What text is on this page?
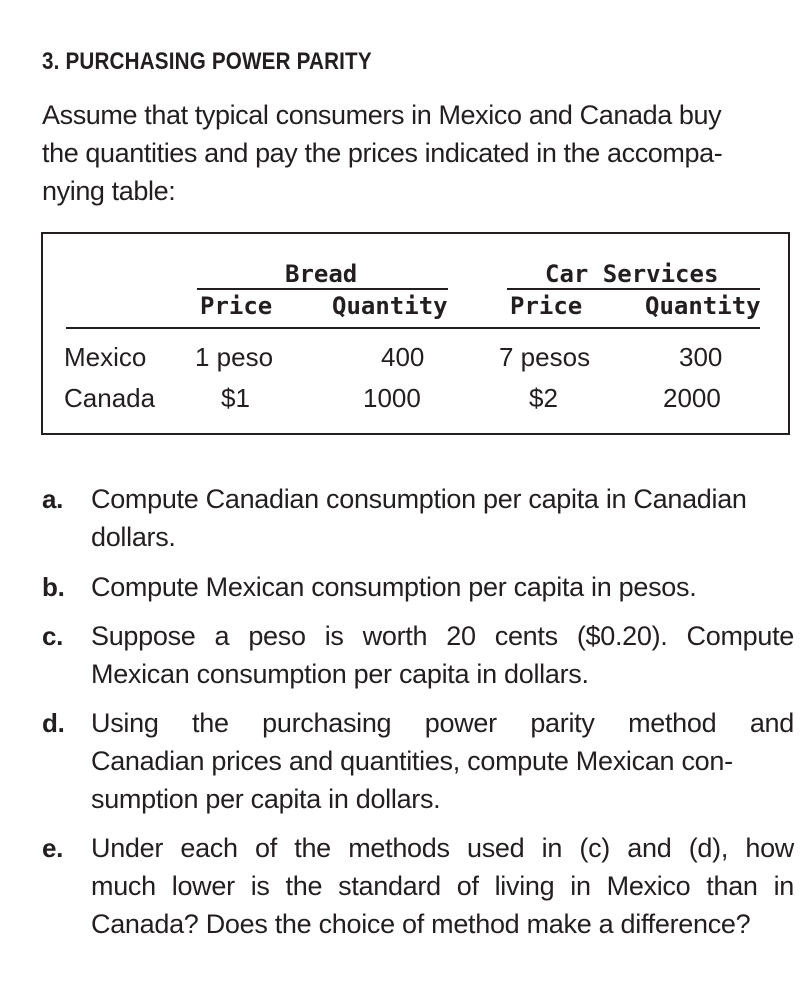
3. PURCHASING POWER PARITY
Assume that typical consumers in Mexico and Canada buy
the quantities and pay the prices indicated in the accompa-
nying table:
Bread	Car Services
Price Quantity	Price	Quantity
Mexico 1 peso	400	7 pesos	300
Canada	$1	1000	$2	2000
a. Compute Canadian consumption per capita in Canadian
dollars.
b. Compute Mexican consumption per capita in pesos.
c. Suppose a peso is worth 20 cents ($0.20). Compute
Mexican consumption per capita in dollars.
d. Using the purchasing power parity method and
Canadian prices and quantities, compute Mexican con-
sumption per capita in dollars.
e. Under each of the methods used in (c) and (d), how
much lower is the standard of living in Mexico than in
Canada? Does the choice of method make a difference?
